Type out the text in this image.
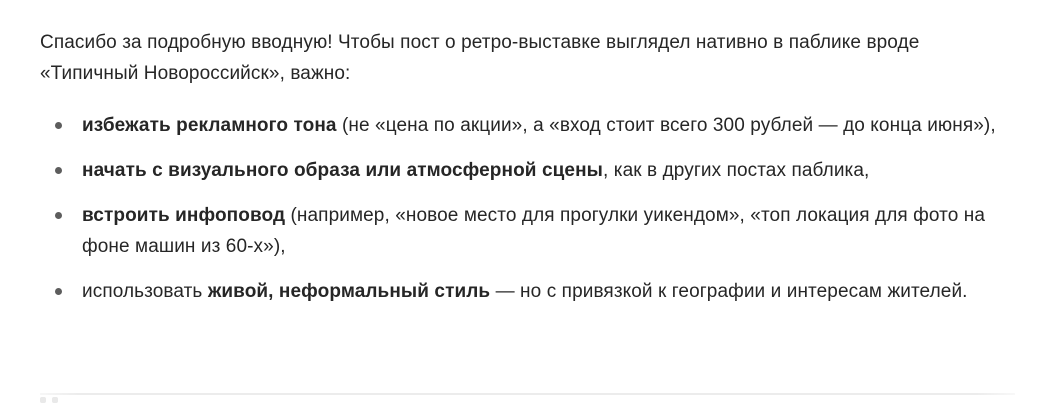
Спасибо за подробную вводную! Чтобы пост о ретро-выставке выглядел нативно в паблике вроде «Типичный Новороссийск», важно:

избежать рекламного тона (не «цена по акции», а «вход стоит всего 300 рублей — до конца июня»),
начать с визуального образа или атмосферной сцены, как в других постах паблика,
встроить инфоповод (например, «новое место для прогулки уикендом», «топ локация для фото на фоне машин из 60-х»),
использовать живой, неформальный стиль — но с привязкой к географии и интересам жителей.
